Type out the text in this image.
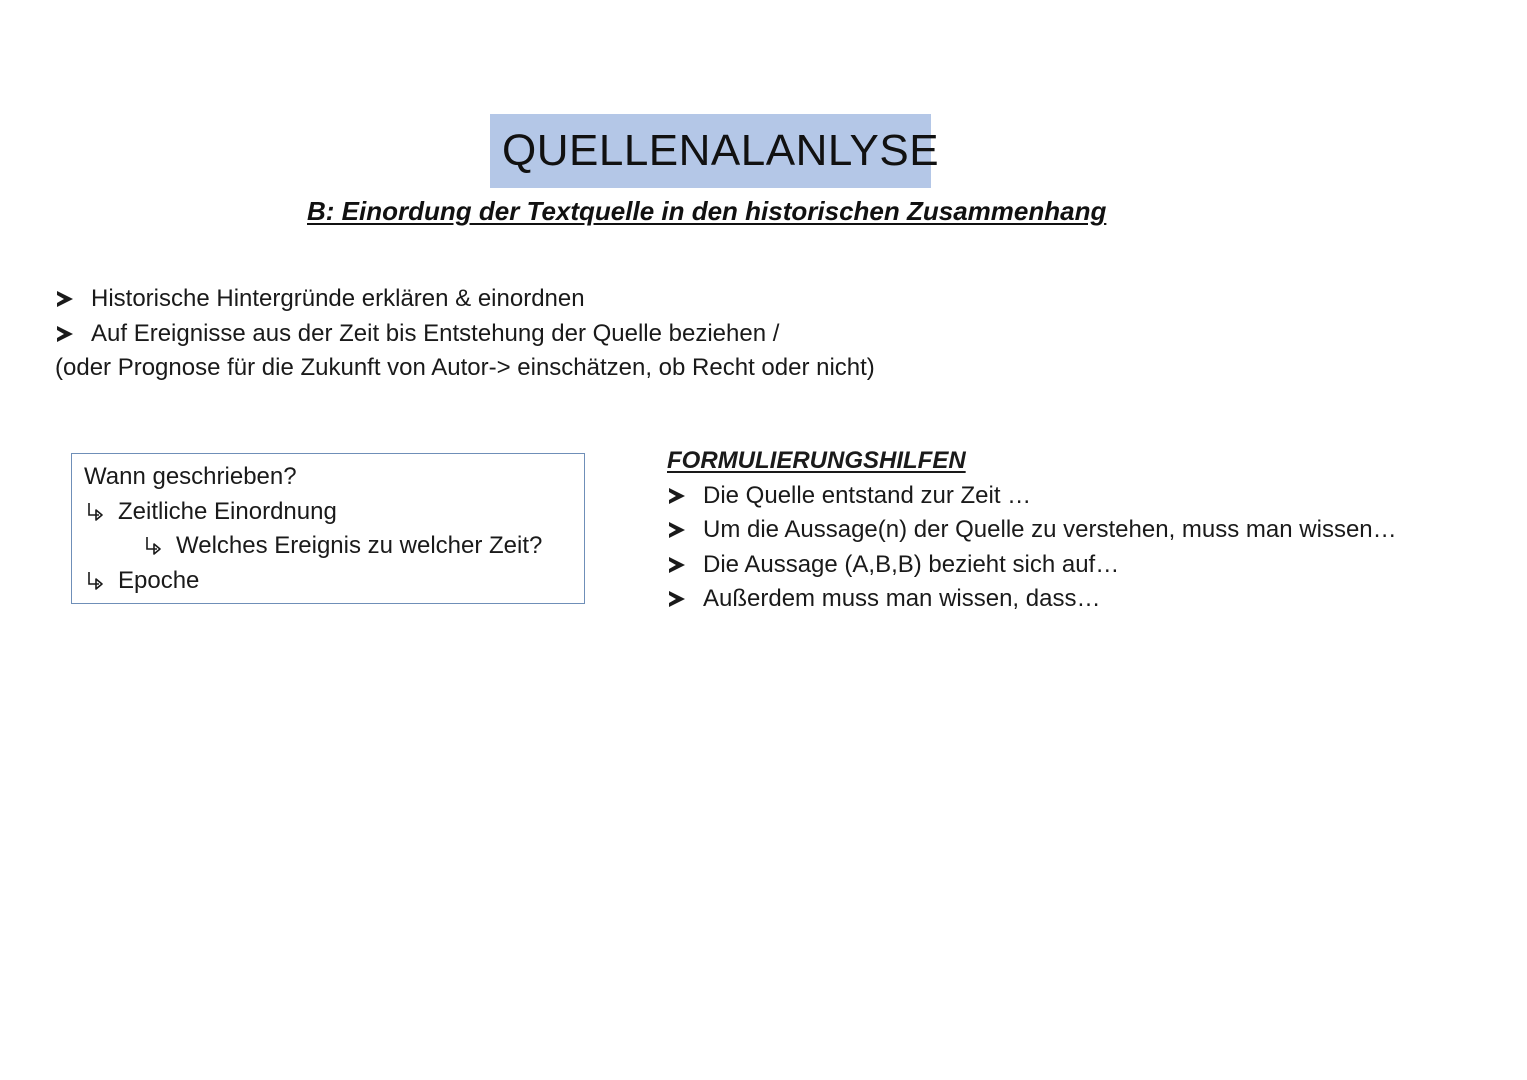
QUELLENALANLYSE
B: Einordung der Textquelle in den historischen Zusammenhang
Historische Hintergründe erklären & einordnen
Auf Ereignisse aus der Zeit bis Entstehung der Quelle beziehen /
(oder Prognose für die Zukunft von Autor-> einschätzen, ob Recht oder nicht)
Wann geschrieben?
Zeitliche Einordnung
Welches Ereignis zu welcher Zeit?
Epoche
FORMULIERUNGSHILFEN
Die Quelle entstand zur Zeit …
Um die Aussage(n) der Quelle zu verstehen, muss man wissen…
Die Aussage (A,B,B) bezieht sich auf…
Außerdem muss man wissen, dass…
